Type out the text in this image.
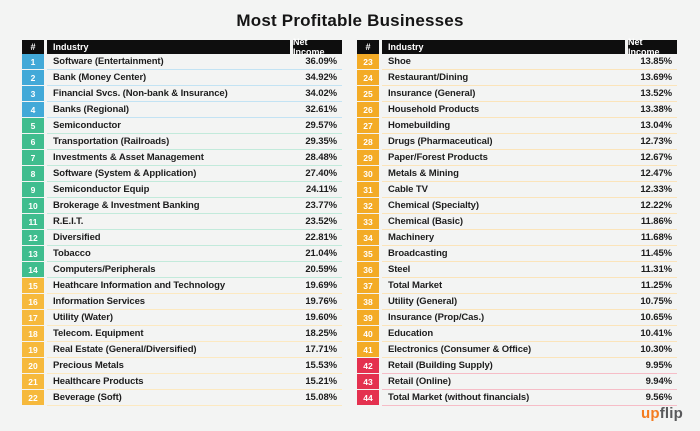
Most Profitable Businesses
#	Industry	Net Income
1	Software (Entertainment)	36.09%
2	Bank (Money Center)	34.92%
3	Financial Svcs. (Non-bank & Insurance)	34.02%
4	Banks (Regional)	32.61%
5	Semiconductor	29.57%
6	Transportation (Railroads)	29.35%
7	Investments & Asset Management	28.48%
8	Software (System & Application)	27.40%
9	Semiconductor Equip	24.11%
10	Brokerage & Investment Banking	23.77%
11	R.E.I.T.	23.52%
12	Diversified	22.81%
13	Tobacco	21.04%
14	Computers/Peripherals	20.59%
15	Heathcare Information and Technology	19.69%
16	Information Services	19.76%
17	Utility (Water)	19.60%
18	Telecom. Equipment	18.25%
19	Real Estate (General/Diversified)	17.71%
20	Precious Metals	15.53%
21	Healthcare Products	15.21%
22	Beverage (Soft)	15.08%
#	Industry	Net Income
23	Shoe	13.85%
24	Restaurant/Dining	13.69%
25	Insurance (General)	13.52%
26	Household Products	13.38%
27	Homebuilding	13.04%
28	Drugs (Pharmaceutical)	12.73%
29	Paper/Forest Products	12.67%
30	Metals & Mining	12.47%
31	Cable TV	12.33%
32	Chemical (Specialty)	12.22%
33	Chemical (Basic)	11.86%
34	Machinery	11.68%
35	Broadcasting	11.45%
36	Steel	11.31%
37	Total Market	11.25%
38	Utility (General)	10.75%
39	Insurance (Prop/Cas.)	10.65%
40	Education	10.41%
41	Electronics (Consumer & Office)	10.30%
42	Retail (Building Supply)	9.95%
43	Retail (Online)	9.94%
44	Total Market (without financials)	9.56%
upflip
